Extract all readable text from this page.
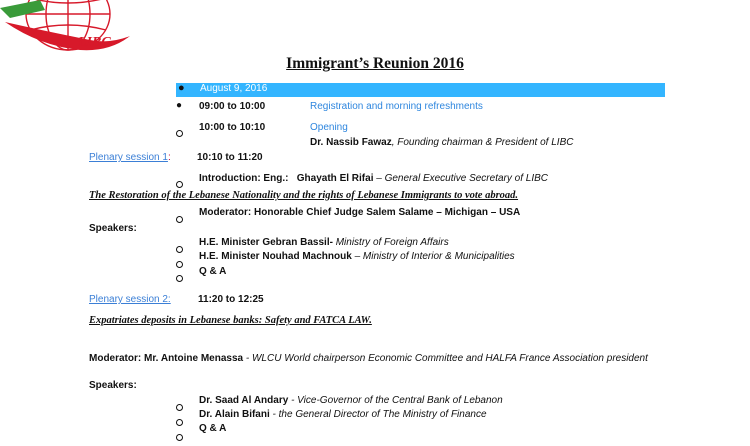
LIBC
Immigrant’s Reunion 2016
● August 9, 2016
● 09:00 to 10:00	Registration and morning refreshments
10:00 to 10:10	Opening
Dr. Nassib Fawaz, Founding chairman & President of LIBC
Plenary session 1:	10:10 to 11:20
Introduction: Eng.: Ghayath El Rifai – General Executive Secretary of LIBC
The Restoration of the Lebanese Nationality and the rights of Lebanese Immigrants to vote abroad.
Moderator: Honorable Chief Judge Salem Salame – Michigan – USA
Speakers:
H.E. Minister Gebran Bassil- Ministry of Foreign Affairs
H.E. Minister Nouhad Machnouk – Ministry of Interior & Municipalities
Q & A
Plenary session 2:	11:20 to 12:25
Expatriates deposits in Lebanese banks: Safety and FATCA LAW.
Moderator: Mr. Antoine Menassa - WLCU World chairperson Economic Committee and HALFA France Association president
Speakers:
Dr. Saad Al Andary - Vice-Governor of the Central Bank of Lebanon
Dr. Alain Bifani - the General Director of The Ministry of Finance
Q & A
